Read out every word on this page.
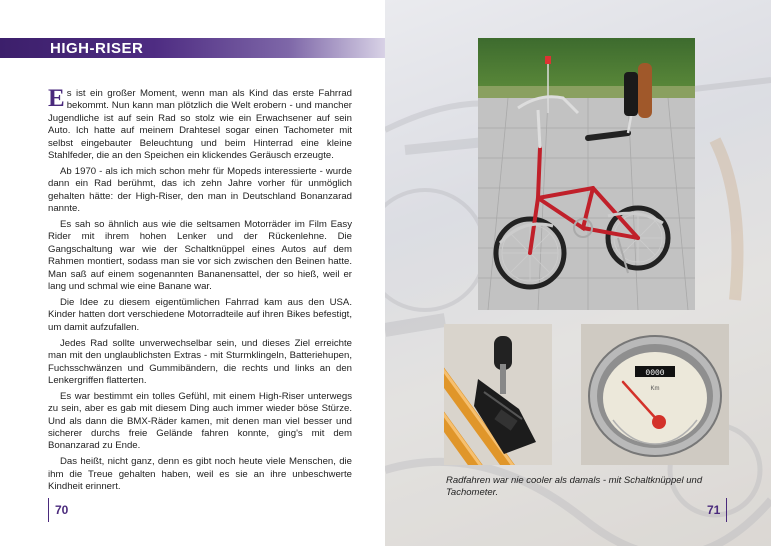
HIGH-RISER

Es ist ein großer Moment, wenn man als Kind das erste Fahrrad bekommt. Nun kann man plötzlich die Welt erobern - und mancher Jugendliche ist auf sein Rad so stolz wie ein Erwachsener auf sein Auto. Ich hatte auf meinem Drahtesel sogar einen Tachometer mit selbst eingebauter Beleuchtung und beim Hinterrad eine kleine Stahlfeder, die an den Speichen ein klickendes Geräusch erzeugte.

Ab 1970 - als ich mich schon mehr für Mopeds interessierte - wurde dann ein Rad berühmt, das ich zehn Jahre vorher für unmöglich gehalten hätte: der High-Riser, den man in Deutschland Bonanzarad nannte.

Es sah so ähnlich aus wie die seltsamen Motorräder im Film Easy Rider mit ihrem hohen Lenker und der Rückenlehne. Die Gangschaltung war wie der Schaltknüppel eines Autos auf dem Rahmen montiert, sodass man sie vor sich zwischen den Beinen hatte. Man saß auf einem sogenannten Bananensattel, der so hieß, weil er lang und schmal wie eine Banane war.

Die Idee zu diesem eigentümlichen Fahrrad kam aus den USA. Kinder hatten dort verschiedene Motorradteile auf ihren Bikes befestigt, um damit aufzufallen.

Jedes Rad sollte unverwechselbar sein, und dieses Ziel erreichte man mit den unglaublichsten Extras - mit Sturmklingeln, Batteriehupen, Fuchsschwänzen und Gummibändern, die rechts und links an den Lenkergriffen flatterten.

Es war bestimmt ein tolles Gefühl, mit einem High-Riser unterwegs zu sein, aber es gab mit diesem Ding auch immer wieder böse Stürze. Und als dann die BMX-Räder kamen, mit denen man viel besser und sicherer durchs freie Gelände fahren konnte, ging's mit dem Bonanzarad zu Ende.

Das heißt, nicht ganz, denn es gibt noch heute viele Menschen, die ihm die Treue gehalten haben, weil es sie an ihre unbeschwerte Kindheit erinnert.

70
0000
Km
Radfahren war nie cooler als damals - mit Schaltknüppel und Tachometer.
71
